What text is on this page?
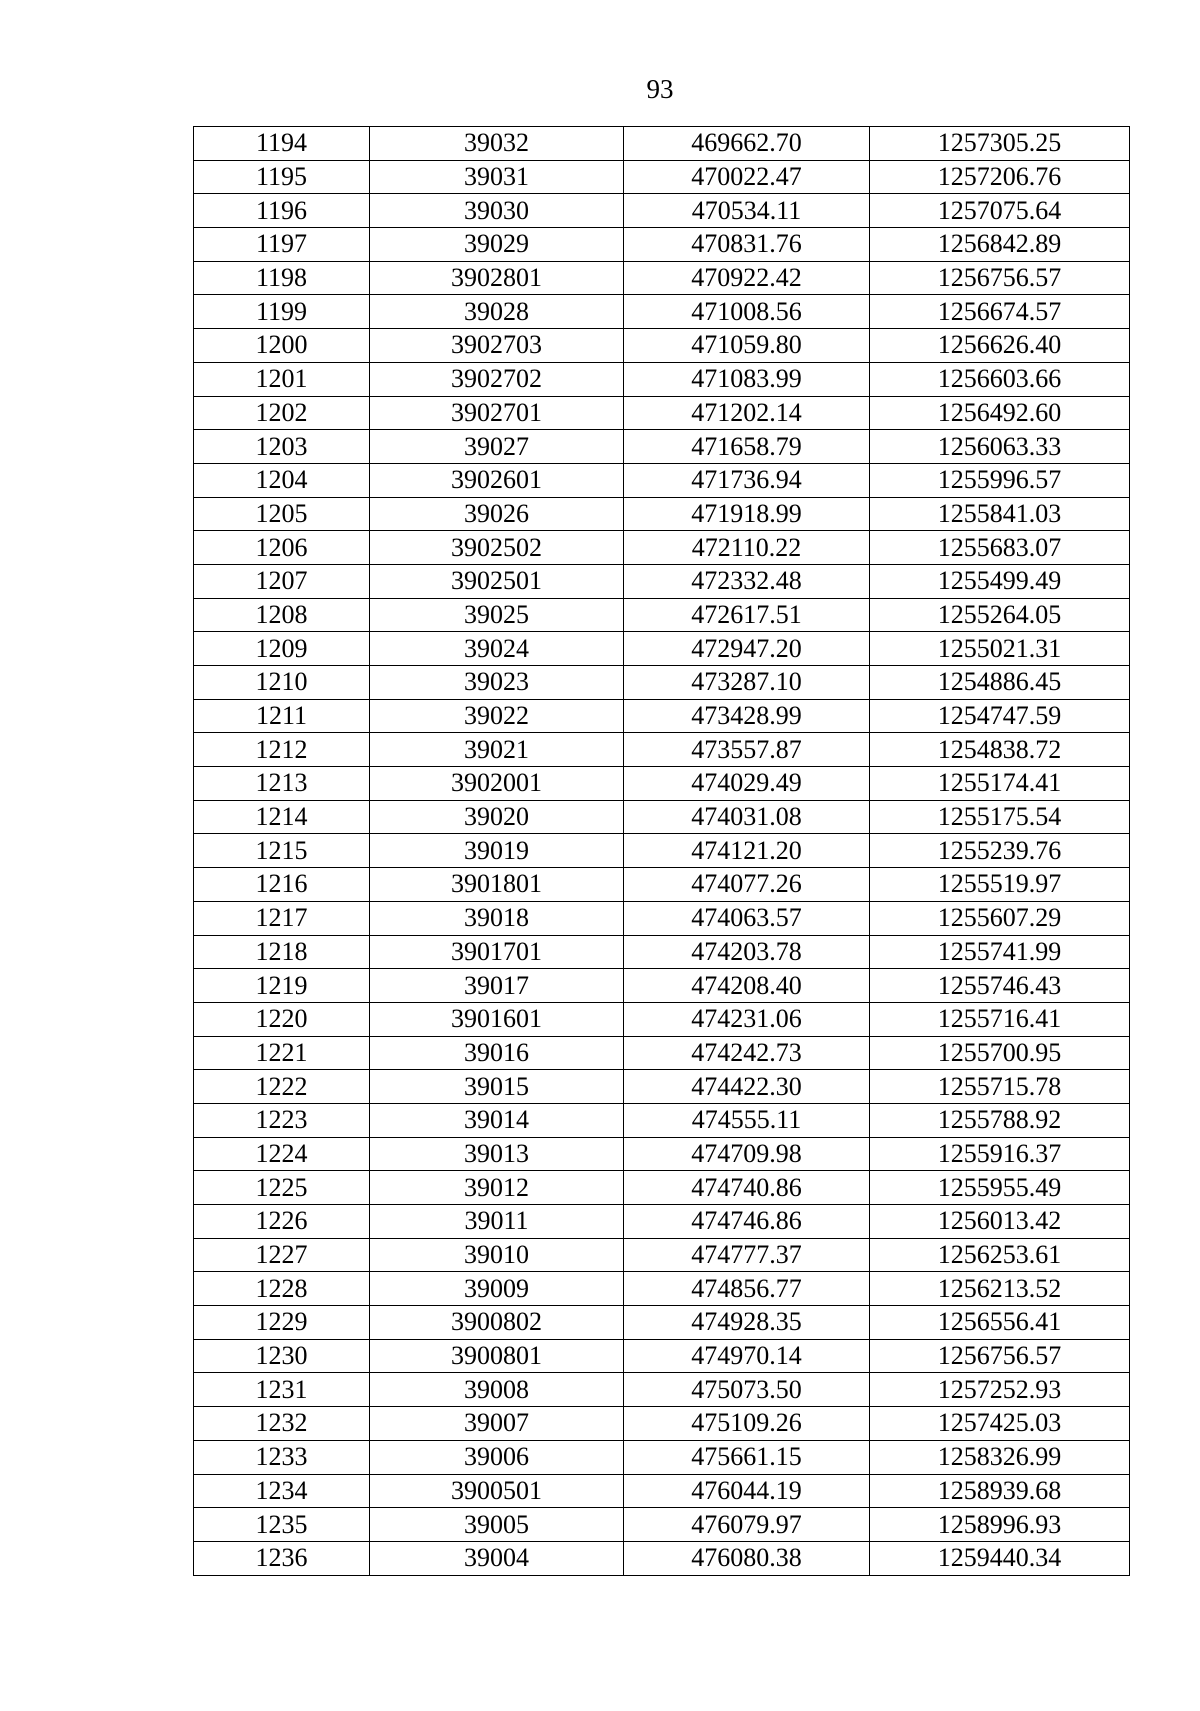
93
1194	39032	469662.70	1257305.25
1195	39031	470022.47	1257206.76
1196	39030	470534.11	1257075.64
1197	39029	470831.76	1256842.89
1198	3902801	470922.42	1256756.57
1199	39028	471008.56	1256674.57
1200	3902703	471059.80	1256626.40
1201	3902702	471083.99	1256603.66
1202	3902701	471202.14	1256492.60
1203	39027	471658.79	1256063.33
1204	3902601	471736.94	1255996.57
1205	39026	471918.99	1255841.03
1206	3902502	472110.22	1255683.07
1207	3902501	472332.48	1255499.49
1208	39025	472617.51	1255264.05
1209	39024	472947.20	1255021.31
1210	39023	473287.10	1254886.45
1211	39022	473428.99	1254747.59
1212	39021	473557.87	1254838.72
1213	3902001	474029.49	1255174.41
1214	39020	474031.08	1255175.54
1215	39019	474121.20	1255239.76
1216	3901801	474077.26	1255519.97
1217	39018	474063.57	1255607.29
1218	3901701	474203.78	1255741.99
1219	39017	474208.40	1255746.43
1220	3901601	474231.06	1255716.41
1221	39016	474242.73	1255700.95
1222	39015	474422.30	1255715.78
1223	39014	474555.11	1255788.92
1224	39013	474709.98	1255916.37
1225	39012	474740.86	1255955.49
1226	39011	474746.86	1256013.42
1227	39010	474777.37	1256253.61
1228	39009	474856.77	1256213.52
1229	3900802	474928.35	1256556.41
1230	3900801	474970.14	1256756.57
1231	39008	475073.50	1257252.93
1232	39007	475109.26	1257425.03
1233	39006	475661.15	1258326.99
1234	3900501	476044.19	1258939.68
1235	39005	476079.97	1258996.93
1236	39004	476080.38	1259440.34
